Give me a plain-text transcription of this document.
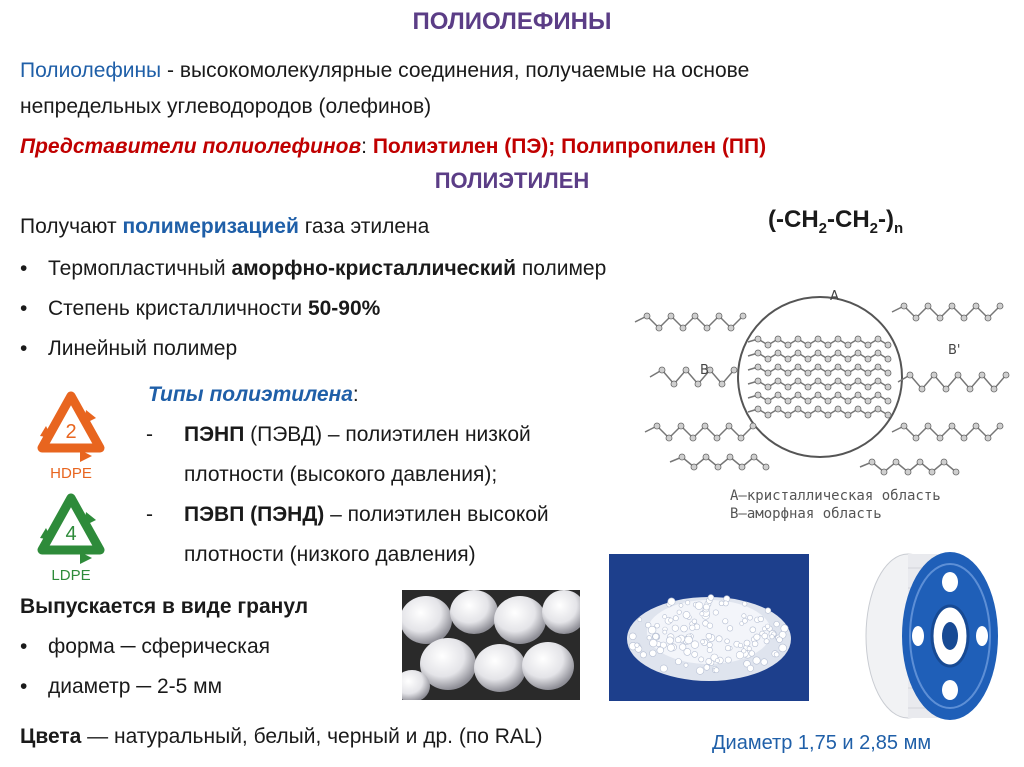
ПОЛИОЛЕФИНЫ
Полиолефины - высокомолекулярные соединения, получаемые на основе
непредельных углеводородов (олефинов)
Представители полиолефинов: Полиэтилен (ПЭ); Полипропилен (ПП)
ПОЛИЭТИЛЕН
$(-CH_2-CH_2-)_n$
Получают полимеризацией газа этилена
• Термопластичный аморфно-кристаллический полимер
• Степень кристалличности 50-90%
• Линейный полимер
2
HDPE
4
LDPE
Типы полиэтилена:
- ПЭНП (ПЭВД) – полиэтилен низкой
плотности (высокого давления);
- ПЭВП (ПЭНД) – полиэтилен высокой
плотности (низкого давления)
A
B
B'
А–кристаллическая область
В–аморфная область
Выпускается в виде гранул
• форма ─ сферическая
• диаметр ─ 2-5 мм
Цвета — натуральный, белый, черный и др. (по RAL)	Диаметр 1,75 и 2,85 мм
